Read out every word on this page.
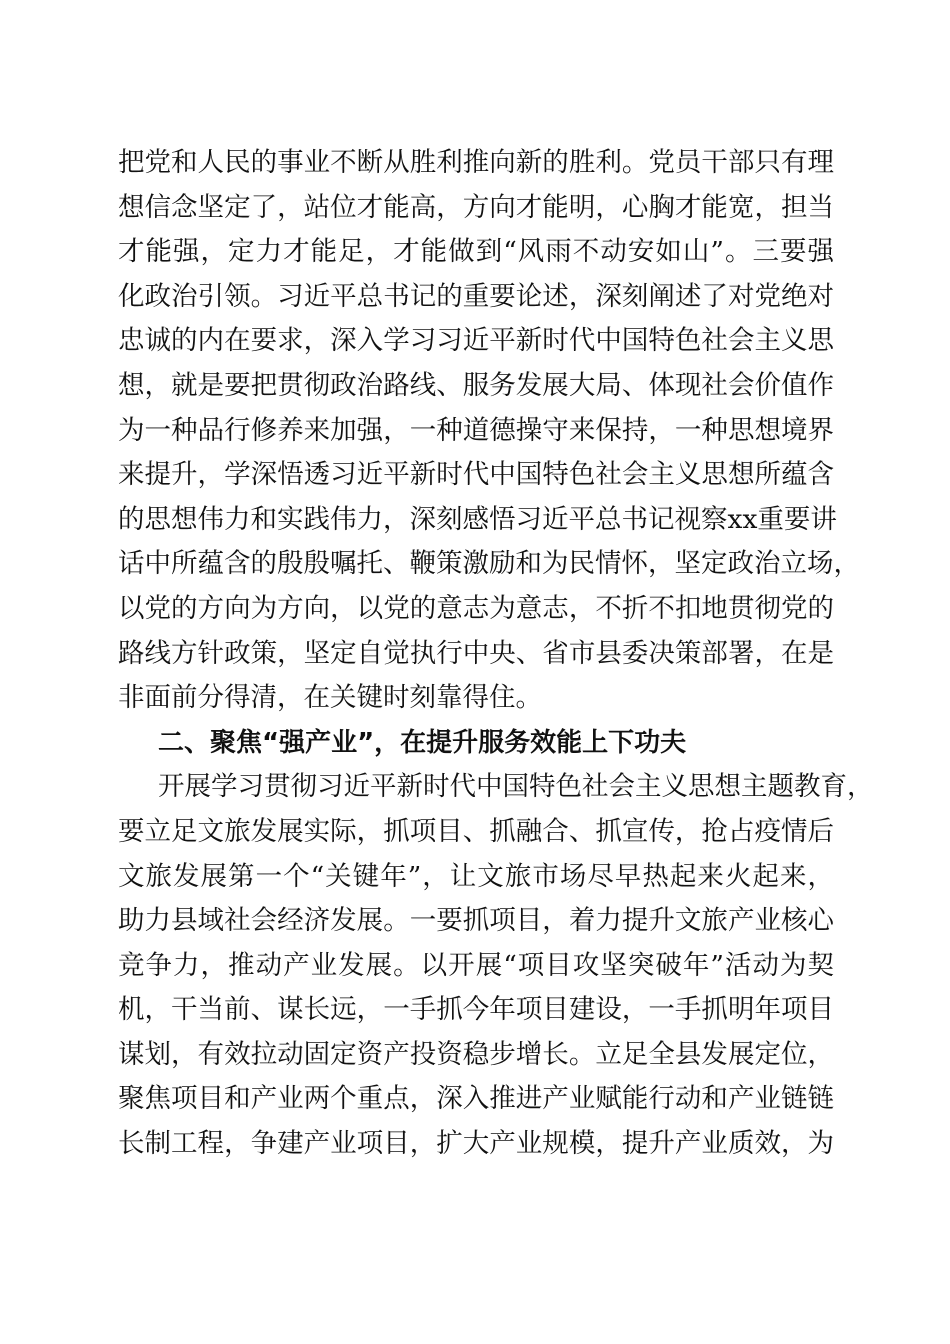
把党和人民的事业不断从胜利推向新的胜利。党员干部只有理
想信念坚定了，站位才能高，方向才能明，心胸才能宽，担当
才能强，定力才能足，才能做到“风雨不动安如山”。三要强
化政治引领。习近平总书记的重要论述，深刻阐述了对党绝对
忠诚的内在要求，深入学习习近平新时代中国特色社会主义思
想，就是要把贯彻政治路线、服务发展大局、体现社会价值作
为一种品行修养来加强，一种道德操守来保持，一种思想境界
来提升，学深悟透习近平新时代中国特色社会主义思想所蕴含
的思想伟力和实践伟力，深刻感悟习近平总书记视察xx重要讲
话中所蕴含的殷殷嘱托、鞭策激励和为民情怀，坚定政治立场，
以党的方向为方向，以党的意志为意志，不折不扣地贯彻党的
路线方针政策，坚定自觉执行中央、省市县委决策部署，在是
非面前分得清，在关键时刻靠得住。
二、聚焦“强产业”，在提升服务效能上下功夫
开展学习贯彻习近平新时代中国特色社会主义思想主题教育，
要立足文旅发展实际，抓项目、抓融合、抓宣传，抢占疫情后
文旅发展第一个“关键年”，让文旅市场尽早热起来火起来，
助力县域社会经济发展。一要抓项目，着力提升文旅产业核心
竞争力，推动产业发展。以开展“项目攻坚突破年”活动为契
机，干当前、谋长远，一手抓今年项目建设，一手抓明年项目
谋划，有效拉动固定资产投资稳步增长。立足全县发展定位，
聚焦项目和产业两个重点，深入推进产业赋能行动和产业链链
长制工程，争建产业项目，扩大产业规模，提升产业质效，为
